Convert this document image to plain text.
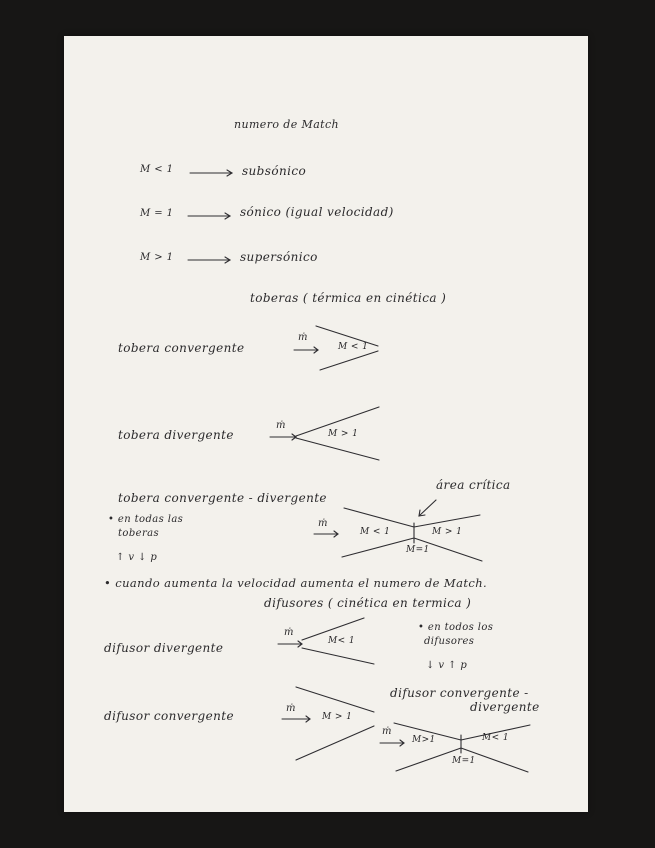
numero de Match
M < 1	subsónico
M = 1	sónico (igual velocidad)
M > 1	supersónico
toberas ( térmica en cinética )
tobera convergente
ṁ
M < 1
tobera divergente
ṁ
M > 1
tobera convergente - divergente
área crítica
ṁ
M < 1	M > 1
M=1
• en todas las
toberas
↑ v ↓ p
• cuando aumenta la velocidad aumenta el numero de Match.
difusores ( cinética en termica )
difusor divergente
ṁ
M< 1
• en todos los
difusores
↓ v ↑ p
difusor convergente
ṁ
M > 1
difusor convergente -
divergente
ṁ
M>1	M< 1
M=1
